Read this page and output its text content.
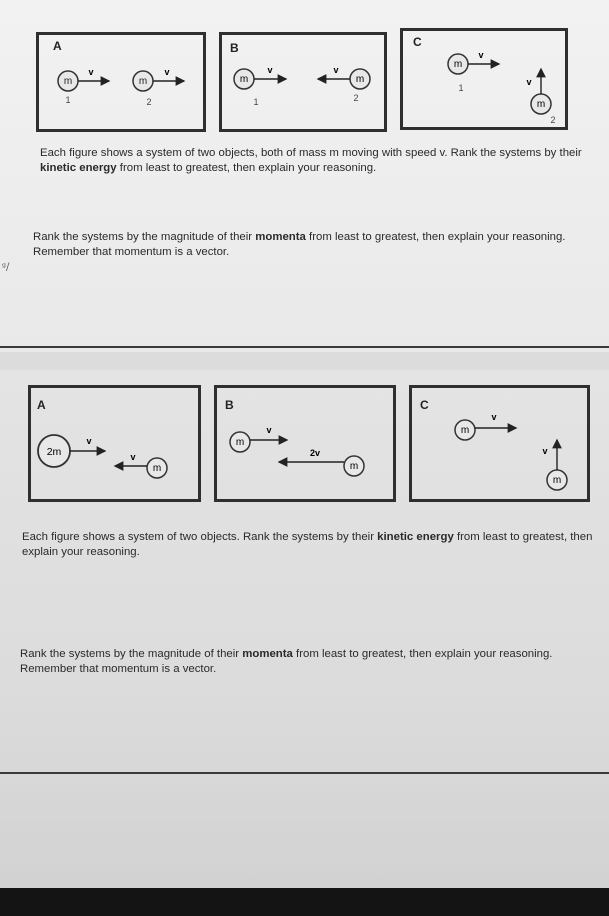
ᵍ/
A
m
v
1
m
v
2
B
m
v
1
m
v
2
C
m
v
1
m
v
2

Each figure shows a system of two objects, both of mass m moving with speed v. Rank the systems by their kinetic energy from least to greatest, then explain your reasoning.

Rank the systems by the magnitude of their momenta from least to greatest, then explain your reasoning. Remember that momentum is a vector.

A
2m
v
m
v
B
m
v
m
2v
C
m
v
m
v

Each figure shows a system of two objects. Rank the systems by their kinetic energy from least to greatest, then explain your reasoning.

Rank the systems by the magnitude of their momenta from least to greatest, then explain your reasoning. Remember that momentum is a vector.
